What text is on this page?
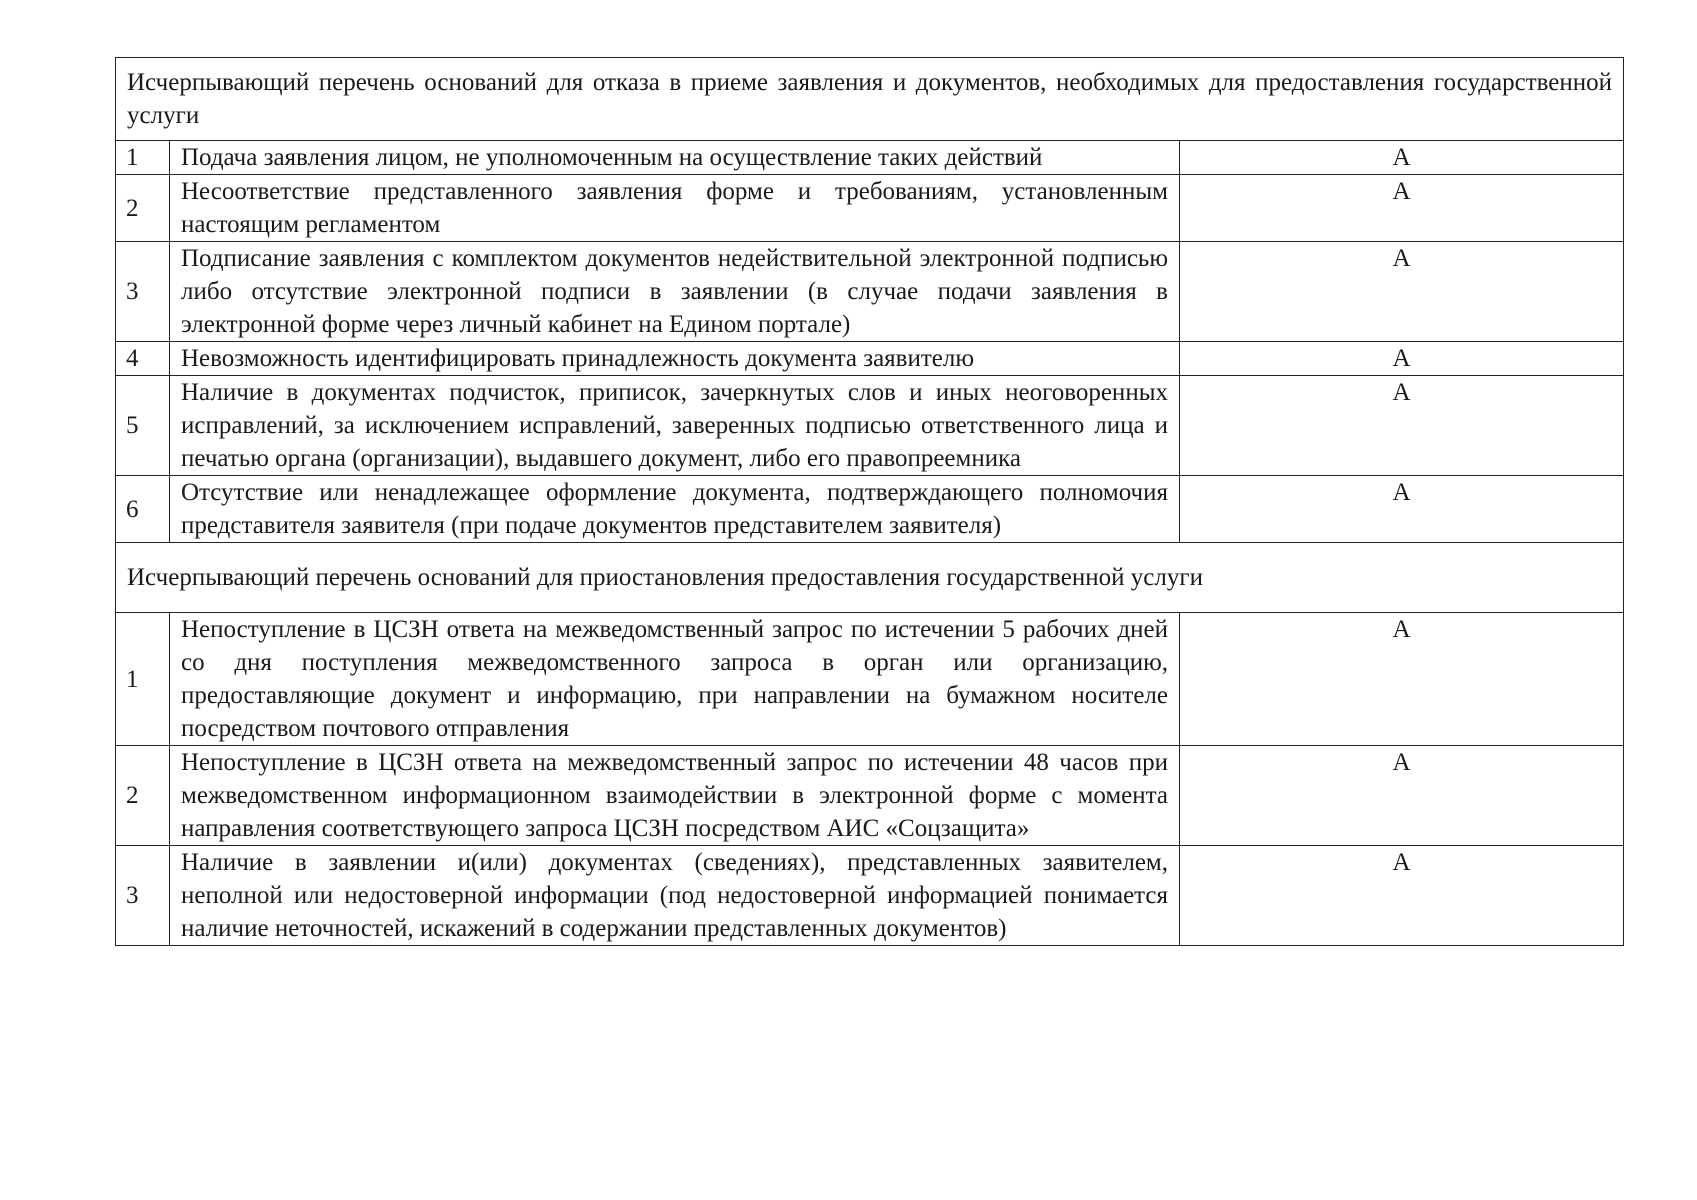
Исчерпывающий перечень оснований для отказа в приеме заявления и документов, необходимых для предоставления государственной услуги		
1	Подача заявления лицом, не уполномоченным на осуществление таких действий	А
2	Несоответствие представленного заявления форме и требованиям, установленным настоящим регламентом	А
3	Подписание заявления с комплектом документов недействительной электронной подписью либо отсутствие электронной подписи в заявлении (в случае подачи заявления в электронной форме через личный кабинет на Едином портале)	А
4	Невозможность идентифицировать принадлежность документа заявителю	А
5	Наличие в документах подчисток, приписок, зачеркнутых слов и иных неоговоренных исправлений, за исключением исправлений, заверенных подписью ответственного лица и печатью органа (организации), выдавшего документ, либо его правопреемника	А
6	Отсутствие или ненадлежащее оформление документа, подтверждающего полномочия представителя заявителя (при подаче документов представителем заявителя)	А
Исчерпывающий перечень оснований для приостановления предоставления государственной услуги		
1	Непоступление в ЦСЗН ответа на межведомственный запрос по истечении 5 рабочих дней со дня поступления межведомственного запроса в орган или организацию, предоставляющие документ и информацию, при направлении на бумажном носителе посредством почтового отправления	А
2	Непоступление в ЦСЗН ответа на межведомственный запрос по истечении 48 часов при межведомственном информационном взаимодействии в электронной форме с момента направления соответствующего запроса ЦСЗН посредством АИС «Соцзащита»	А
3	Наличие в заявлении и(или) документах (сведениях), представленных заявителем, неполной или недостоверной информации (под недостоверной информацией понимается наличие неточностей, искажений в содержании представленных документов)	А
